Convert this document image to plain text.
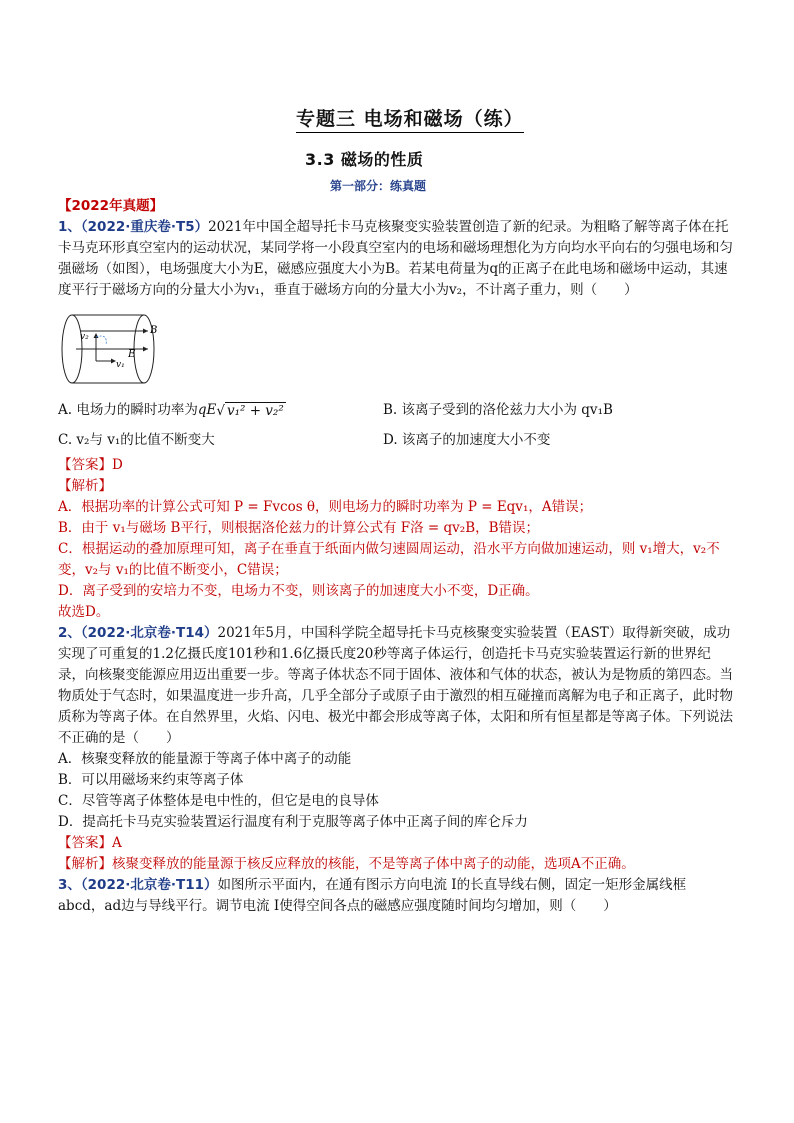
专题三 电场和磁场（练）
3.3 磁场的性质
第一部分：练真题

【2022年真题】

1、（2022·重庆卷·T5）2021年中国全超导托卡马克核聚变实验装置创造了新的纪录。为粗略了解等离子体在托卡马克环形真空室内的运动状况，某同学将一小段真空室内的电场和磁场理想化为方向均水平向右的匀强电场和匀强磁场（如图），电场强度大小为E，磁感应强度大小为B。若某电荷量为q的正离子在此电场和磁场中运动，其速度平行于磁场方向的分量大小为v₁，垂直于磁场方向的分量大小为v₂，不计离子重力，则（　　）

v₂
v₁
B
E
A. 电场力的瞬时功率为qE√ v₁² + v₂²	B. 该离子受到的洛伦兹力大小为 qv₁B
C. v₂与 v₁的比值不断变大	D. 该离子的加速度大小不变

【答案】D

【解析】

A．根据功率的计算公式可知 P = Fvcos θ，则电场力的瞬时功率为 P = Eqv₁，A错误；

B．由于 v₁与磁场 B平行，则根据洛伦兹力的计算公式有 F洛 = qv₂B，B错误；

C．根据运动的叠加原理可知，离子在垂直于纸面内做匀速圆周运动，沿水平方向做加速运动，则 v₁增大，v₂不变，v₂与 v₁的比值不断变小，C错误；

D．离子受到的安培力不变，电场力不变，则该离子的加速度大小不变，D正确。

故选D。

2、（2022·北京卷·T14）2021年5月，中国科学院全超导托卡马克核聚变实验装置（EAST）取得新突破，成功实现了可重复的1.2亿摄氏度101秒和1.6亿摄氏度20秒等离子体运行，创造托卡马克实验装置运行新的世界纪录，向核聚变能源应用迈出重要一步。等离子体状态不同于固体、液体和气体的状态，被认为是物质的第四态。当物质处于气态时，如果温度进一步升高，几乎全部分子或原子由于激烈的相互碰撞而离解为电子和正离子，此时物质称为等离子体。在自然界里，火焰、闪电、极光中都会形成等离子体，太阳和所有恒星都是等离子体。下列说法不正确的是（　　）

A．核聚变释放的能量源于等离子体中离子的动能

B．可以用磁场来约束等离子体

C．尽管等离子体整体是电中性的，但它是电的良导体

D．提高托卡马克实验装置运行温度有利于克服等离子体中正离子间的库仑斥力

【答案】A

【解析】核聚变释放的能量源于核反应释放的核能，不是等离子体中离子的动能，选项A不正确。

3、（2022·北京卷·T11）如图所示平面内，在通有图示方向电流 I的长直导线右侧，固定一矩形金属线框 abcd，ad边与导线平行。调节电流 I使得空间各点的磁感应强度随时间均匀增加，则（　　）
